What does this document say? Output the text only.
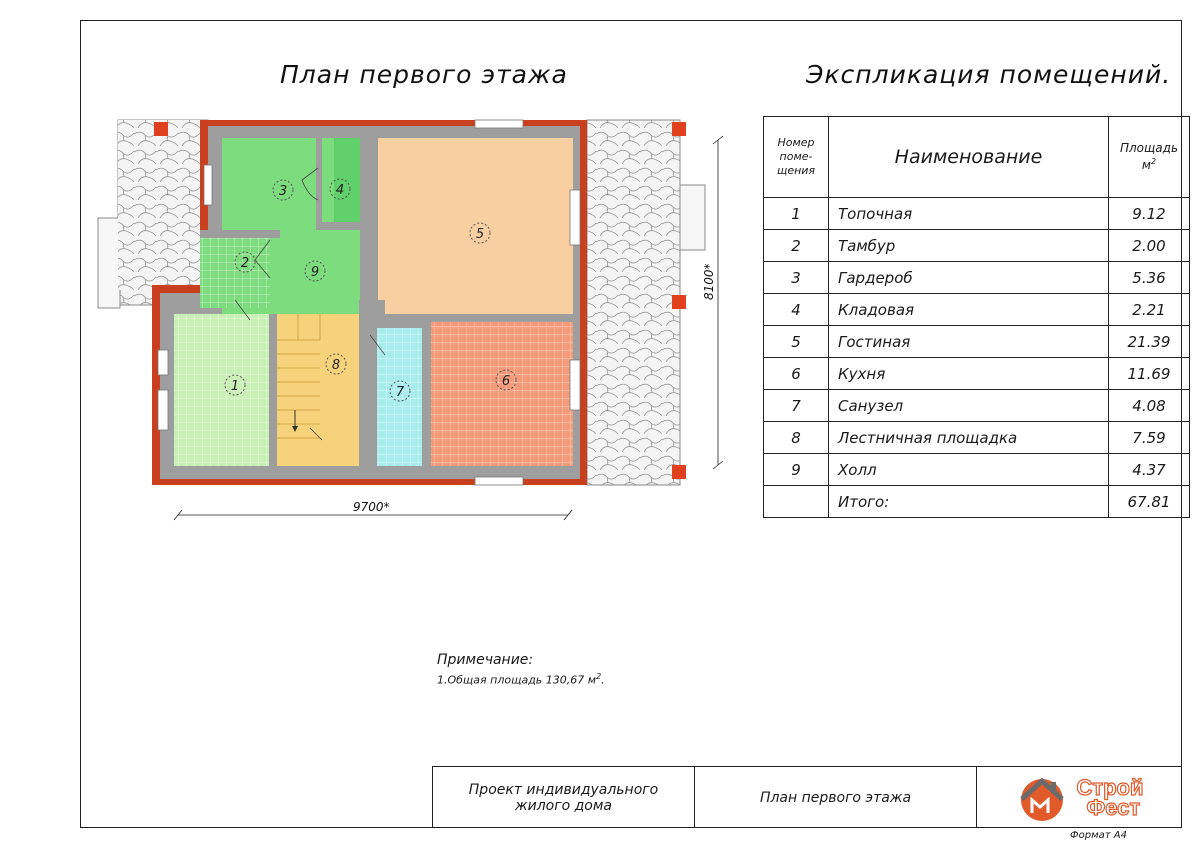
План первого этажа	Экспликация помещений.
1
2
3	4
5
6
7
8
9
9700*
8100*
Номер
поме-
щения	Наименование	Площадь
$м^2$
1	Топочная	9.12
2	Тамбур	2.00
3	Гардероб	5.36
4	Кладовая	2.21
5	Гостиная	21.39
6	Кухня	11.69
7	Санузел	4.08
8	Лестничная площадка	7.59
9	Холл	4.37
	Итого:	67.81
Примечание:
1.Общая площадь 130,67 $м^2$.
Проект индивидуального
жилого дома	План первого этажа	Строй
Фест
Формат А4
